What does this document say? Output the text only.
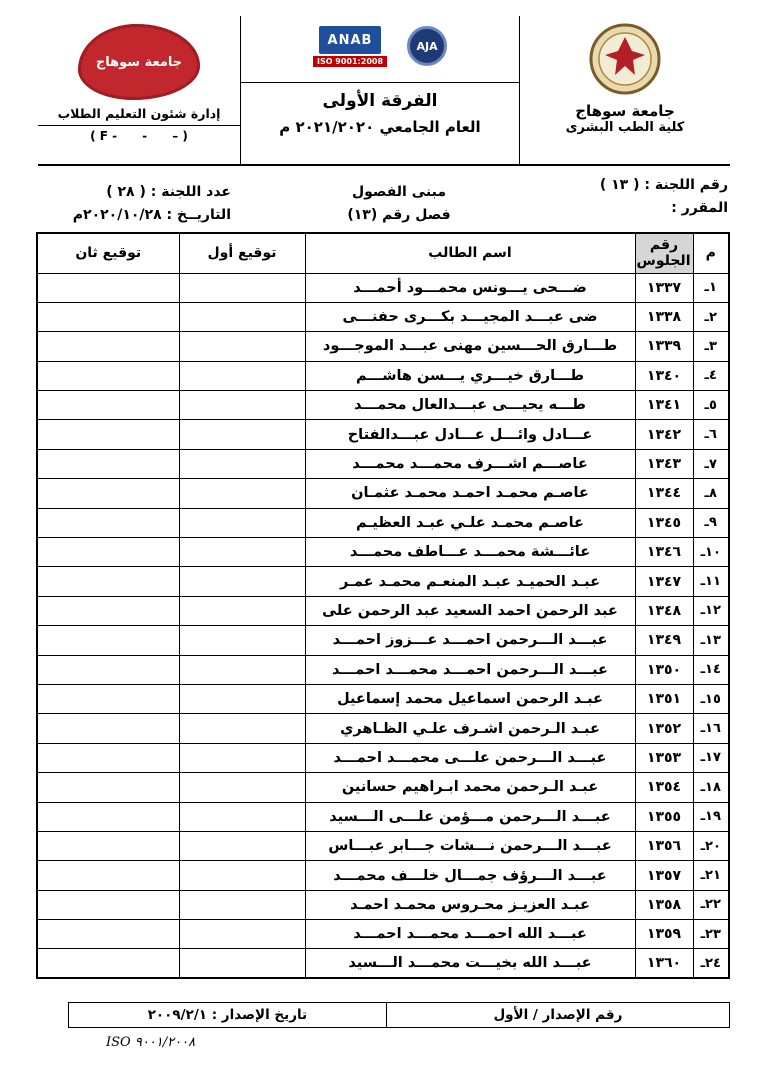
جامعة سوهاج
كلية الطب البشرى
ANAB
ISO 9001:2008
AJA
الفرقة الأولى
العام الجامعي ٢٠٢١/٢٠٢٠ م
جامعة سوهاج
إدارة شئون التعليم الطلاب
( F -      -      – )
رقم اللجنة : ( ١٣ )
المقرر :
مبنى الفصول
فصل رقم (١٣)
عدد اللجنة : ( ٢٨ )
التاريــخ : ٢٠٢٠/١٠/٢٨م
م	رقم الجلوس	اسم الطالب	توقيع أول	توقيع ثان
١ـ	١٣٣٧	ضـــحى يـــونس محمـــود أحمـــد		
٢ـ	١٣٣٨	ضى عبـــد المجيـــد بكـــرى حفنـــى		
٣ـ	١٣٣٩	طـــارق الحـــسين مهنى عبـــد الموجـــود		
٤ـ	١٣٤٠	طـــارق خيـــري يـــسن هاشـــم		
٥ـ	١٣٤١	طـــه يحيـــى عبـــدالعال محمـــد		
٦ـ	١٣٤٢	عـــادل وائـــل عـــادل عبـــدالفتاح		
٧ـ	١٣٤٣	عاصـــم اشـــرف محمـــد محمـــد		
٨ـ	١٣٤٤	عاصـم محمـد احمـد محمـد عثمـان		
٩ـ	١٣٤٥	عاصـم محمـد علـي عبـد العظيـم		
١٠ـ	١٣٤٦	عائـــشة محمـــد عـــاطف محمـــد		
١١ـ	١٣٤٧	عبـد الحميـد عبـد المنعـم محمـد عمـر		
١٢ـ	١٣٤٨	عبد الرحمن احمد السعيد عبد الرحمن على		
١٣ـ	١٣٤٩	عبـــد الـــرحمن احمـــد عـــزوز احمـــد		
١٤ـ	١٣٥٠	عبـــد الـــرحمن احمـــد محمـــد احمـــد		
١٥ـ	١٣٥١	عبـد الرحمن اسماعيل محمد إسماعيل		
١٦ـ	١٣٥٢	عبـد الـرحمن اشـرف علـي الظـاهري		
١٧ـ	١٣٥٣	عبـــد الـــرحمن علـــى محمـــد احمـــد		
١٨ـ	١٣٥٤	عبـد الـرحمن محمد ابـراهيم حسانين		
١٩ـ	١٣٥٥	عبـــد الـــرحمن مـــؤمن علـــى الـــسيد		
٢٠ـ	١٣٥٦	عبـــد الـــرحمن نـــشات جـــابر عبـــاس		
٢١ـ	١٣٥٧	عبـــد الـــرؤف جمـــال خلـــف محمـــد		
٢٢ـ	١٣٥٨	عبـد العزيـز محـروس محمـد احمـد		
٢٣ـ	١٣٥٩	عبـــد الله احمـــد محمـــد احمـــد		
٢٤ـ	١٣٦٠	عبـــد الله بخيـــت محمـــد الـــسيد		
رقم الإصدار / الأول
تاريخ الإصدار : ٢٠٠٩/٢/١
ISO ٩٠٠١/٢٠٠٨
